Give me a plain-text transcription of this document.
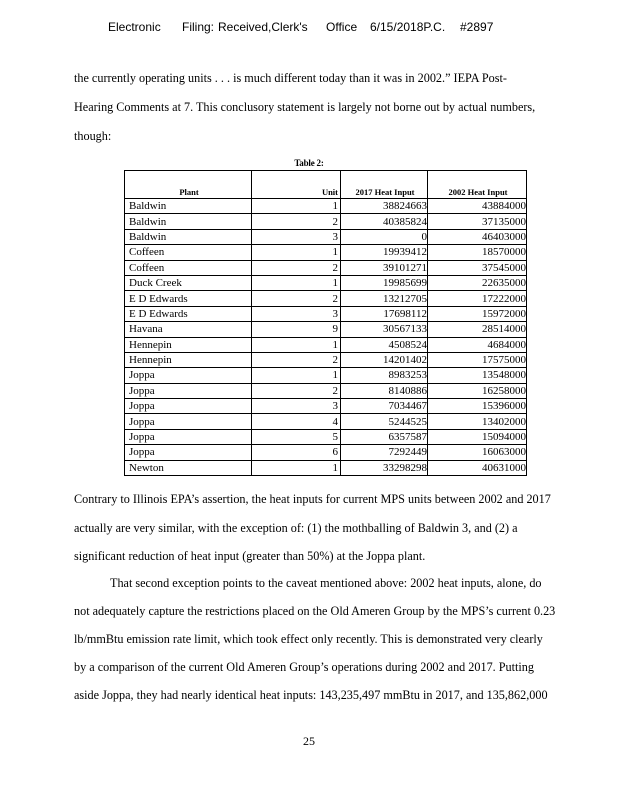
Electronic Filing: Received,Clerk's Office 6/15/2018P.C. #2897
the currently operating units . . . is much different today than it was in 2002.” IEPA Post-
Hearing Comments at 7. This conclusory statement is largely not borne out by actual numbers,
though:
Table 2:
Plant	Unit	2017 Heat Input	2002 Heat Input
Baldwin	1	38824663	43884000
Baldwin	2	40385824	37135000
Baldwin	3	0	46403000
Coffeen	1	19939412	18570000
Coffeen	2	39101271	37545000
Duck Creek	1	19985699	22635000
E D Edwards	2	13212705	17222000
E D Edwards	3	17698112	15972000
Havana	9	30567133	28514000
Hennepin	1	4508524	4684000
Hennepin	2	14201402	17575000
Joppa	1	8983253	13548000
Joppa	2	8140886	16258000
Joppa	3	7034467	15396000
Joppa	4	5244525	13402000
Joppa	5	6357587	15094000
Joppa	6	7292449	16063000
Newton	1	33298298	40631000
Contrary to Illinois EPA’s assertion, the heat inputs for current MPS units between 2002 and 2017
actually are very similar, with the exception of: (1) the mothballing of Baldwin 3, and (2) a
significant reduction of heat input (greater than 50%) at the Joppa plant.
That second exception points to the caveat mentioned above: 2002 heat inputs, alone, do
not adequately capture the restrictions placed on the Old Ameren Group by the MPS’s current 0.23
lb/mmBtu emission rate limit, which took effect only recently. This is demonstrated very clearly
by a comparison of the current Old Ameren Group’s operations during 2002 and 2017. Putting
aside Joppa, they had nearly identical heat inputs: 143,235,497 mmBtu in 2017, and 135,862,000
25
